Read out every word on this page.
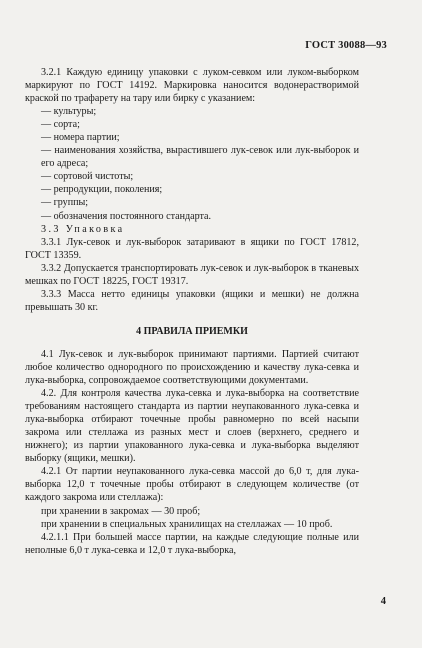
ГОСТ 30088—93

3.2.1 Каждую единицу упаковки с луком-севком или луком-выборком маркируют по ГОСТ 14192. Маркировка наносится водонерастворимой краской по трафарету на тару или бирку с указанием:

— культуры;

— сорта;

— номера партии;

— наименования хозяйства, вырастившего лук-севок или лук-выборок и его адреса;

— сортовой чистоты;

— репродукции, поколения;

— группы;

— обозначения постоянного стандарта.

3.3 Упаковка

3.3.1 Лук-севок и лук-выборок затаривают в ящики по ГОСТ 17812, ГОСТ 13359.

3.3.2 Допускается транспортировать лук-севок и лук-выборок в тканевых мешках по ГОСТ 18225, ГОСТ 19317.

3.3.3 Масса нетто единицы упаковки (ящики и мешки) не должна превышать 30 кг.

4 ПРАВИЛА ПРИЕМКИ

4.1 Лук-севок и лук-выборок принимают партиями. Партией считают любое количество однородного по происхождению и качеству лука-севка и лука-выборка, сопровождаемое соответствующими документами.

4.2. Для контроля качества лука-севка и лука-выборка на соответствие требованиям настоящего стандарта из партии неупакованного лука-севка и лука-выборка отбирают точечные пробы равномерно по всей насыпи закрома или стеллажа из разных мест и слоев (верхнего, среднего и нижнего); из партии упакованного лука-севка и лука-выборка выделяют выборку (ящики, мешки).

4.2.1 От партии неупакованного лука-севка массой до 6,0 т, для лука-выборка 12,0 т точечные пробы отбирают в следующем количестве (от каждого закрома или стеллажа):

при хранении в закромах — 30 проб;

при хранении в специальных хранилищах на стеллажах — 10 проб.

4.2.1.1 При большей массе партии, на каждые следующие полные или неполные 6,0 т лука-севка и 12,0 т лука-выборка,

4
